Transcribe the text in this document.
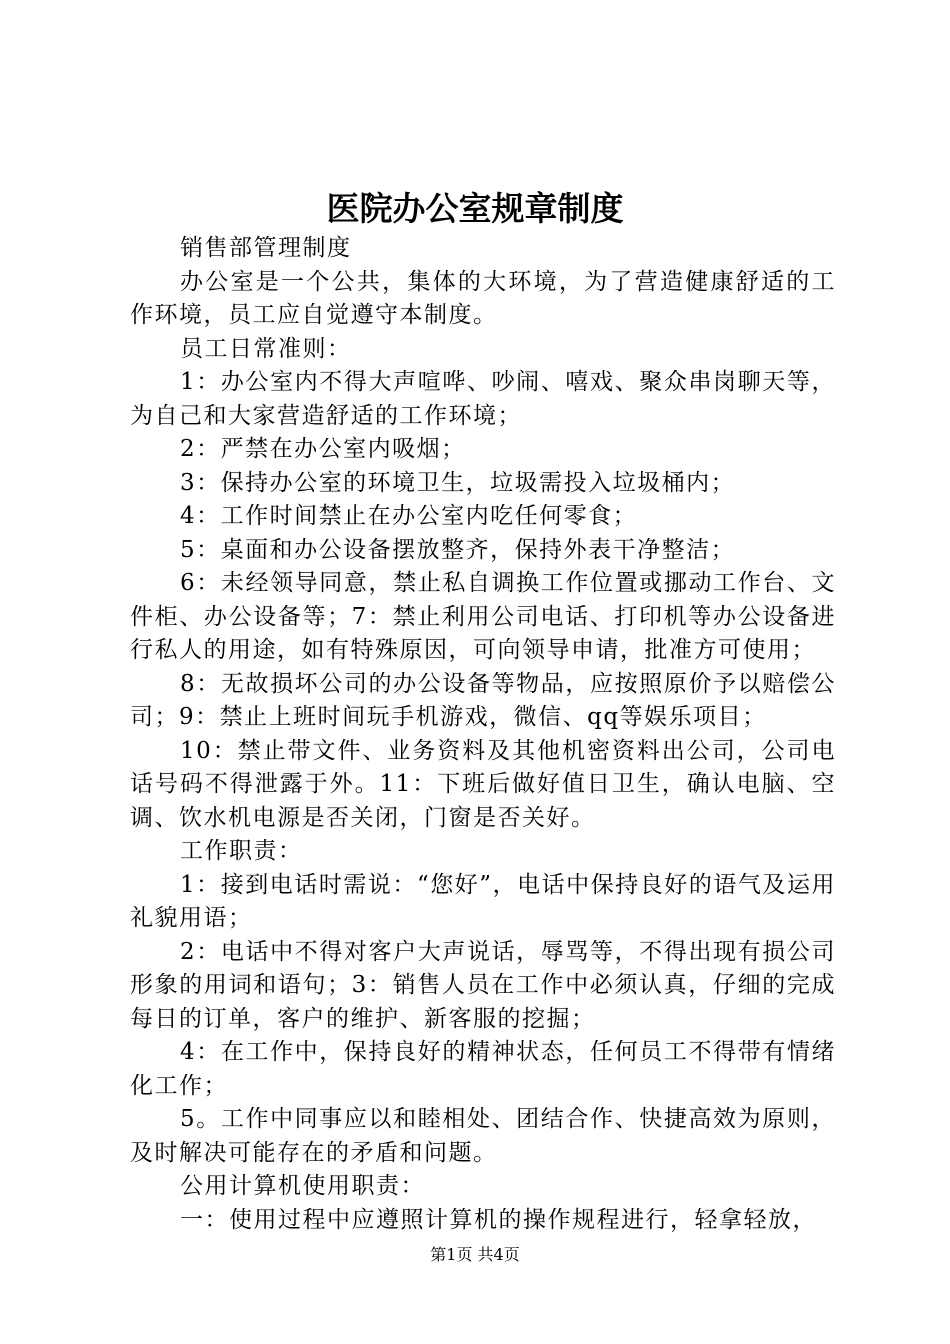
医院办公室规章制度

销售部管理制度

办公室是一个公共，集体的大环境，为了营造健康舒适的工作环境，员工应自觉遵守本制度。

员工日常准则：

1：办公室内不得大声喧哗、吵闹、嘻戏、聚众串岗聊天等，为自己和大家营造舒适的工作环境；

2：严禁在办公室内吸烟；

3：保持办公室的环境卫生，垃圾需投入垃圾桶内；

4：工作时间禁止在办公室内吃任何零食；

5：桌面和办公设备摆放整齐，保持外表干净整洁；

6：未经领导同意，禁止私自调换工作位置或挪动工作台、文件柜、办公设备等；7：禁止利用公司电话、打印机等办公设备进行私人的用途，如有特殊原因，可向领导申请，批准方可使用；

8：无故损坏公司的办公设备等物品，应按照原价予以赔偿公司；9：禁止上班时间玩手机游戏，微信、qq等娱乐项目；

10：禁止带文件、业务资料及其他机密资料出公司，公司电话号码不得泄露于外。11：下班后做好值日卫生，确认电脑、空调、饮水机电源是否关闭，门窗是否关好。

工作职责：

1：接到电话时需说：“您好”，电话中保持良好的语气及运用礼貌用语；

2：电话中不得对客户大声说话，辱骂等，不得出现有损公司形象的用词和语句；3：销售人员在工作中必须认真，仔细的完成每日的订单，客户的维护、新客服的挖掘；

4：在工作中，保持良好的精神状态，任何员工不得带有情绪化工作；

5。工作中同事应以和睦相处、团结合作、快捷高效为原则，及时解决可能存在的矛盾和问题。

公用计算机使用职责：

一：使用过程中应遵照计算机的操作规程进行，轻拿轻放，

第1页 共4页
